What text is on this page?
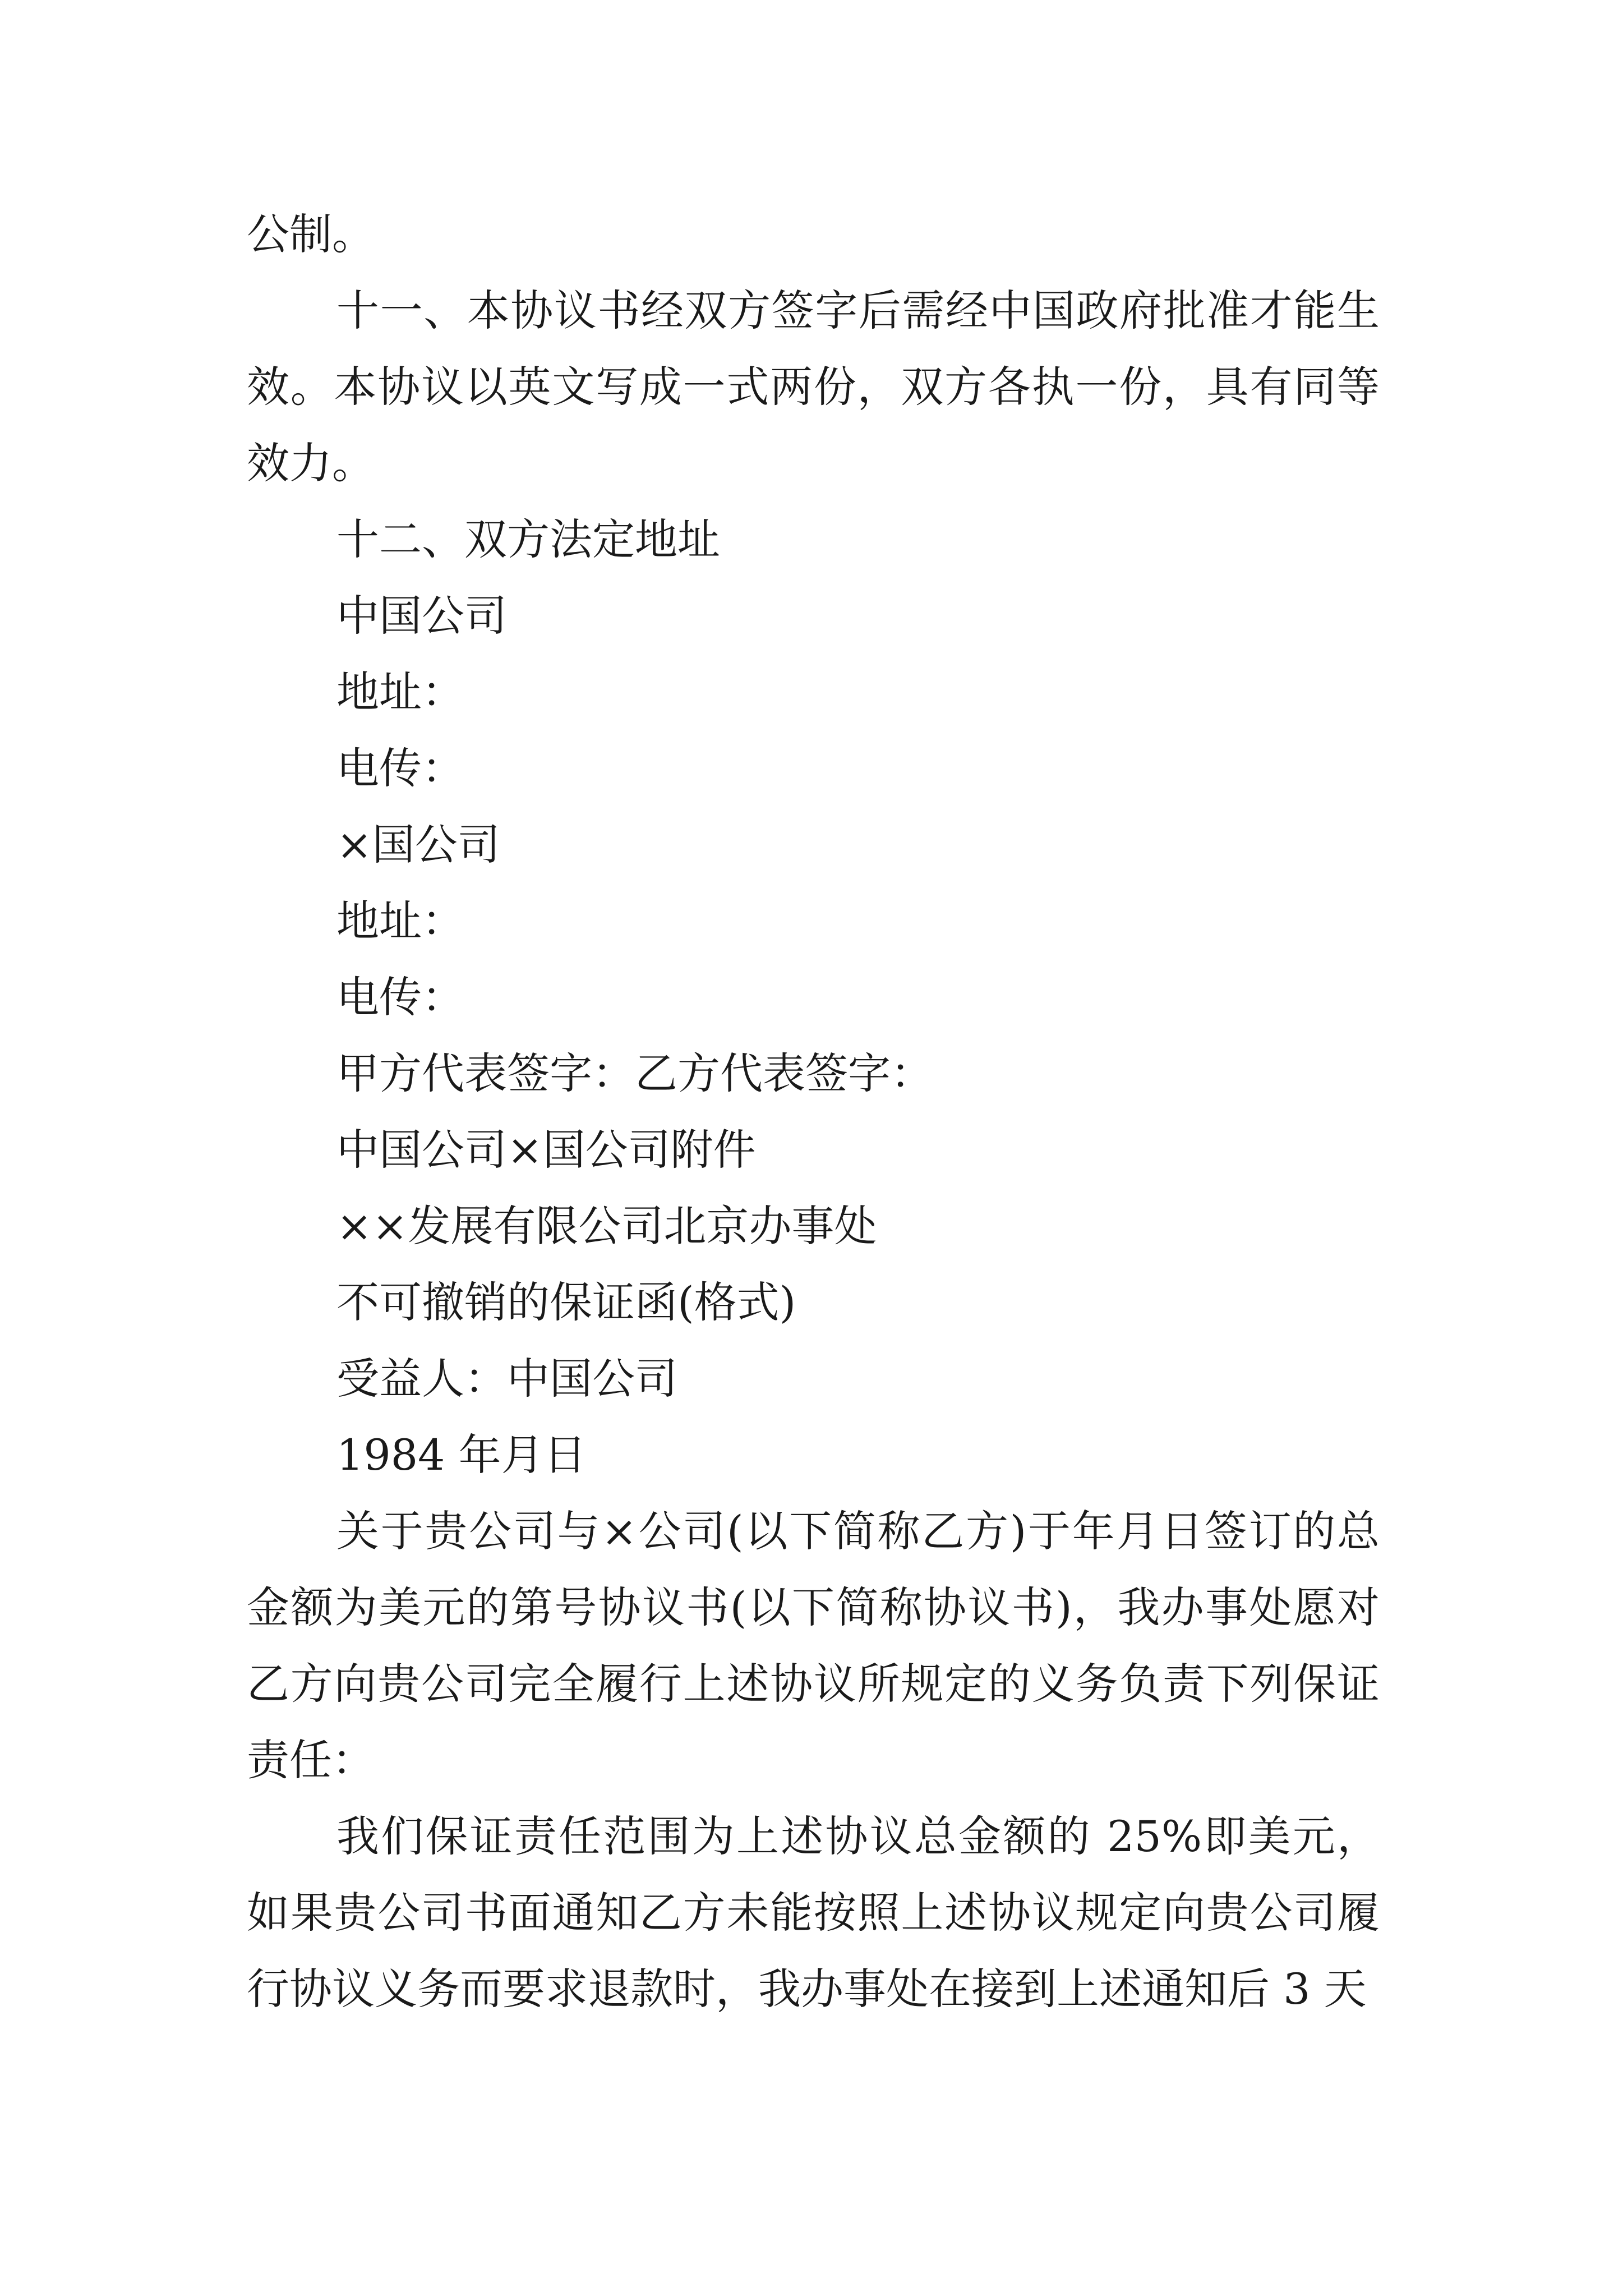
公制。

十一、本协议书经双方签字后需经中国政府批准才能生效。本协议以英文写成一式两份，双方各执一份，具有同等效力。

十二、双方法定地址

中国公司

地址：

电传：

×国公司

地址：

电传：

甲方代表签字：乙方代表签字：

中国公司×国公司附件

××发展有限公司北京办事处

不可撤销的保证函(格式)

受益人：中国公司

1984 年月日

关于贵公司与×公司(以下简称乙方)于年月日签订的总金额为美元的第号协议书(以下简称协议书)，我办事处愿对乙方向贵公司完全履行上述协议所规定的义务负责下列保证责任：

我们保证责任范围为上述协议总金额的 25%即美元，如果贵公司书面通知乙方未能按照上述协议规定向贵公司履行协议义务而要求退款时，我办事处在接到上述通知后 3 天
